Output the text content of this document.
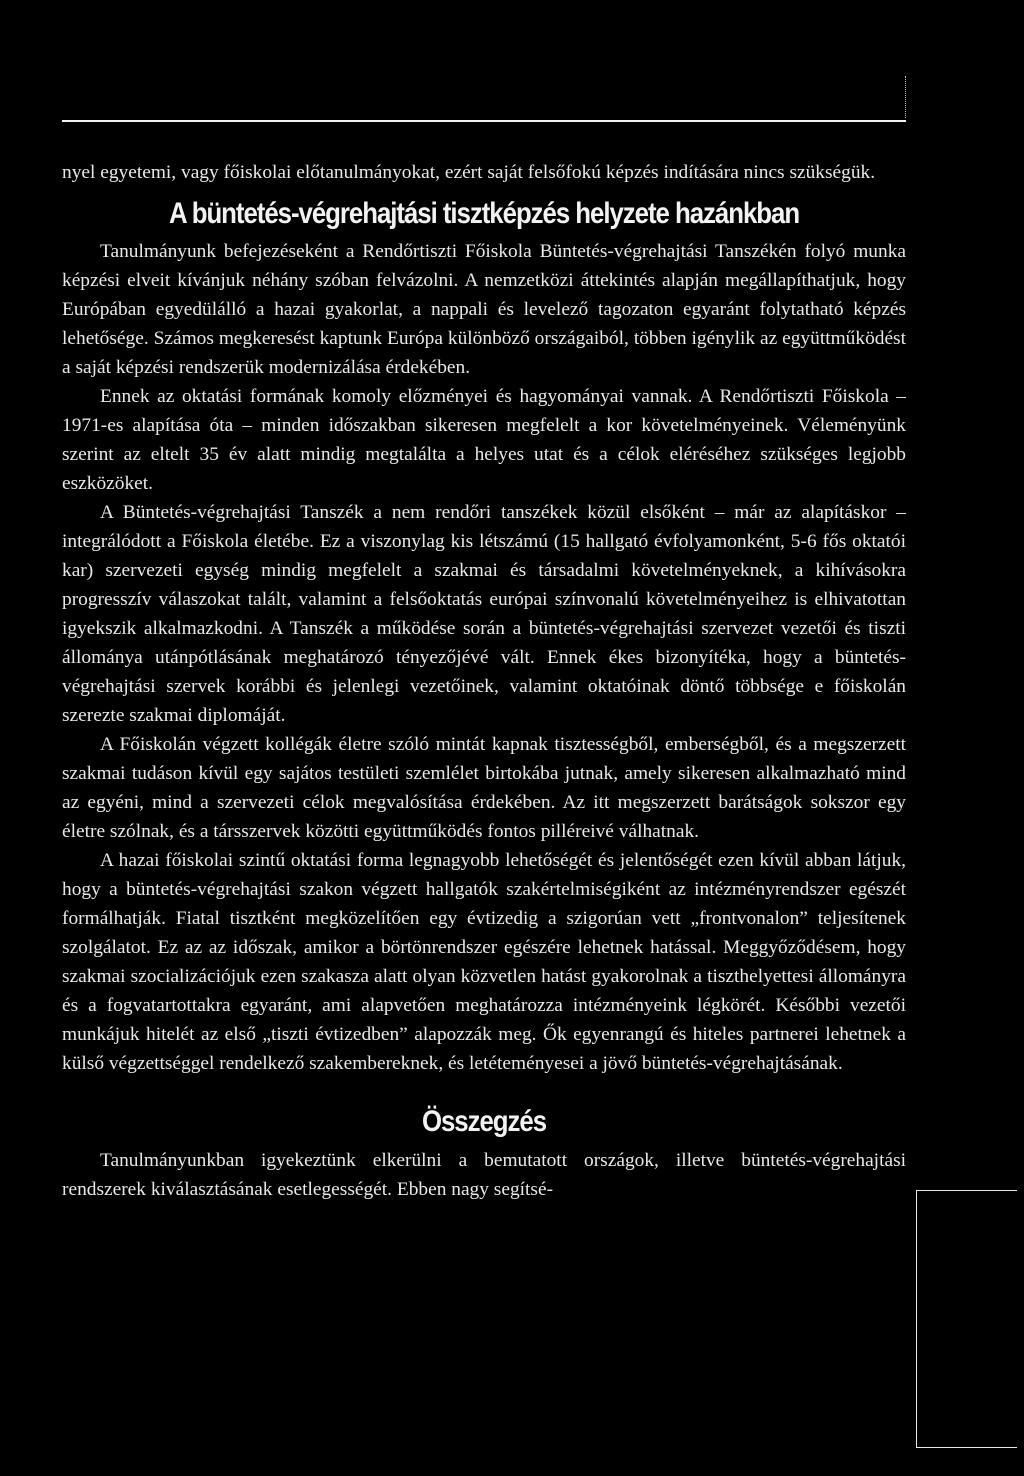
nyel egyetemi, vagy főiskolai előtanulmányokat, ezért saját felsőfokú képzés indítására nincs szükségük.

A büntetés-végrehajtási tisztképzés helyzete hazánkban

Tanulmányunk befejezéseként a Rendőrtiszti Főiskola Büntetés-végrehajtási Tanszékén folyó munka képzési elveit kívánjuk néhány szóban felvázolni. A nemzetközi áttekintés alapján megállapíthatjuk, hogy Európában egyedülálló a hazai gyakorlat, a nappali és levelező tagozaton egyaránt folytatható képzés lehetősége. Számos megkeresést kaptunk Európa különböző országaiból, többen igénylik az együttműködést a saját képzési rendszerük modernizálása érdekében.

Ennek az oktatási formának komoly előzményei és hagyományai vannak. A Rendőrtiszti Főiskola – 1971-es alapítása óta – minden időszakban sikeresen megfelelt a kor követelményeinek. Véleményünk szerint az eltelt 35 év alatt mindig megtalálta a helyes utat és a célok eléréséhez szükséges legjobb eszközöket.

A Büntetés-végrehajtási Tanszék a nem rendőri tanszékek közül elsőként – már az alapításkor – integrálódott a Főiskola életébe. Ez a viszonylag kis létszámú (15 hallgató évfolyamonként, 5-6 fős oktatói kar) szervezeti egység mindig megfelelt a szakmai és társadalmi követelményeknek, a kihívásokra progresszív válaszokat talált, valamint a felsőoktatás európai színvonalú követelményeihez is elhivatottan igyekszik alkalmazkodni. A Tanszék a működése során a büntetés-végrehajtási szervezet vezetői és tiszti állománya utánpótlásának meghatározó tényezőjévé vált. Ennek ékes bizonyítéka, hogy a büntetés-végrehajtási szervek korábbi és jelenlegi vezetőinek, valamint oktatóinak döntő többsége e főiskolán szerezte szakmai diplomáját.

A Főiskolán végzett kollégák életre szóló mintát kapnak tisztességből, emberségből, és a megszerzett szakmai tudáson kívül egy sajátos testületi szemlélet birtokába jutnak, amely sikeresen alkalmazható mind az egyéni, mind a szervezeti célok megvalósítása érdekében. Az itt megszerzett barátságok sokszor egy életre szólnak, és a társszervek közötti együttműködés fontos pilléreivé válhatnak.

A hazai főiskolai szintű oktatási forma legnagyobb lehetőségét és jelentőségét ezen kívül abban látjuk, hogy a büntetés-végrehajtási szakon végzett hallgatók szakértelmiségiként az intézményrendszer egészét formálhatják. Fiatal tisztként megközelítően egy évtizedig a szigorúan vett „frontvonalon” teljesítenek szolgálatot. Ez az az időszak, amikor a börtönrendszer egészére lehetnek hatással. Meggyőződésem, hogy szakmai szocializációjuk ezen szakasza alatt olyan közvetlen hatást gyakorolnak a tiszthelyettesi állományra és a fogvatartottakra egyaránt, ami alapvetően meghatározza intézményeink légkörét. Későbbi vezetői munkájuk hitelét az első „tiszti évtizedben” alapozzák meg. Ők egyenrangú és hiteles partnerei lehetnek a külső végzettséggel rendelkező szakembereknek, és letéteményesei a jövő büntetés-végrehajtásának.

Összegzés

Tanulmányunkban igyekeztünk elkerülni a bemutatott országok, illetve büntetés-végrehajtási rendszerek kiválasztásának esetlegességét. Ebben nagy segítsé-
